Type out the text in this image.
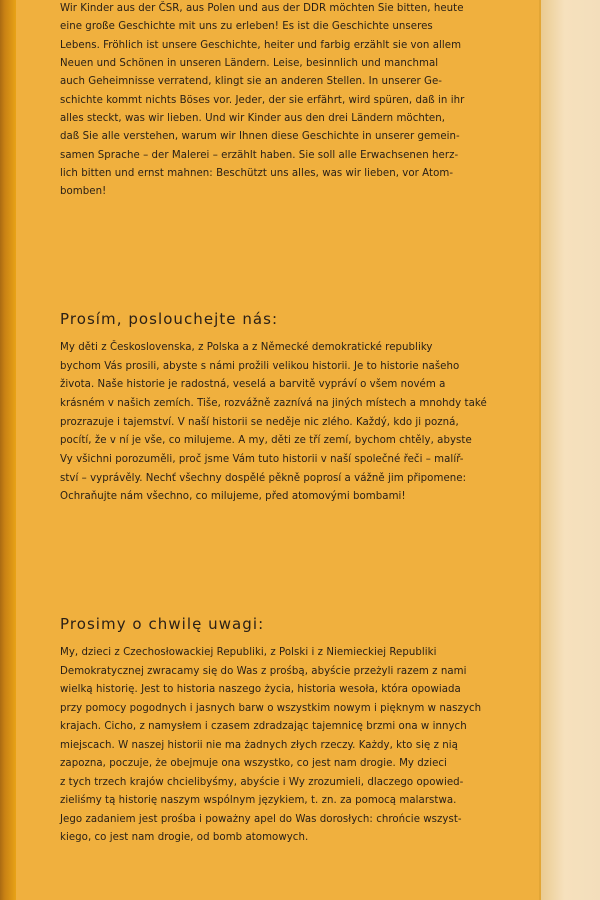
Wir Kinder aus der ČSR, aus Polen und aus der DDR möchten Sie bitten, heute
eine große Geschichte mit uns zu erleben! Es ist die Geschichte unseres
Lebens. Fröhlich ist unsere Geschichte, heiter und farbig erzählt sie von allem
Neuen und Schönen in unseren Ländern. Leise, besinnlich und manchmal
auch Geheimnisse verratend, klingt sie an anderen Stellen. In unserer Ge-
schichte kommt nichts Böses vor. Jeder, der sie erfährt, wird spüren, daß in ihr
alles steckt, was wir lieben. Und wir Kinder aus den drei Ländern möchten,
daß Sie alle verstehen, warum wir Ihnen diese Geschichte in unserer gemein-
samen Sprache – der Malerei – erzählt haben. Sie soll alle Erwachsenen herz-
lich bitten und ernst mahnen: Beschützt uns alles, was wir lieben, vor Atom-
bomben!

Prosím, poslouchejte nás:

My děti z Československa, z Polska a z Německé demokratické republiky
bychom Vás prosili, abyste s námi prožili velikou historii. Je to historie našeho
života. Naše historie je radostná, veselá a barvitě vypráví o všem novém a
krásném v našich zemích. Tiše, rozvážně zaznívá na jiných místech a mnohdy také
prozrazuje i tajemství. V naší historii se neděje nic zlého. Každý, kdo ji pozná,
pocítí, že v ní je vše, co milujeme. A my, děti ze tří zemí, bychom chtěly, abyste
Vy všichni porozuměli, proč jsme Vám tuto historii v naší společné řeči – malíř-
ství – vyprávěly. Nechť všechny dospělé pěkně poprosí a vážně jim připomene:
Ochraňujte nám všechno, co milujeme, před atomovými bombami!

Prosimy o chwilę uwagi:

My, dzieci z Czechosłowackiej Republiki, z Polski i z Niemieckiej Republiki
Demokratycznej zwracamy się do Was z prośbą, abyście przeżyli razem z nami
wielką historię. Jest to historia naszego życia, historia wesoła, która opowiada
przy pomocy pogodnych i jasnych barw o wszystkim nowym i pięknym w naszych
krajach. Cicho, z namysłem i czasem zdradzając tajemnicę brzmi ona w innych
miejscach. W naszej historii nie ma żadnych złych rzeczy. Każdy, kto się z nią
zapozna, poczuje, że obejmuje ona wszystko, co jest nam drogie. My dzieci
z tych trzech krajów chcielibyśmy, abyście i Wy zrozumieli, dlaczego opowied-
zieliśmy tą historię naszym wspólnym językiem, t. zn. za pomocą malarstwa.
Jego zadaniem jest prośba i poważny apel do Was dorosłych: chrońcie wszyst-
kiego, co jest nam drogie, od bomb atomowych.
